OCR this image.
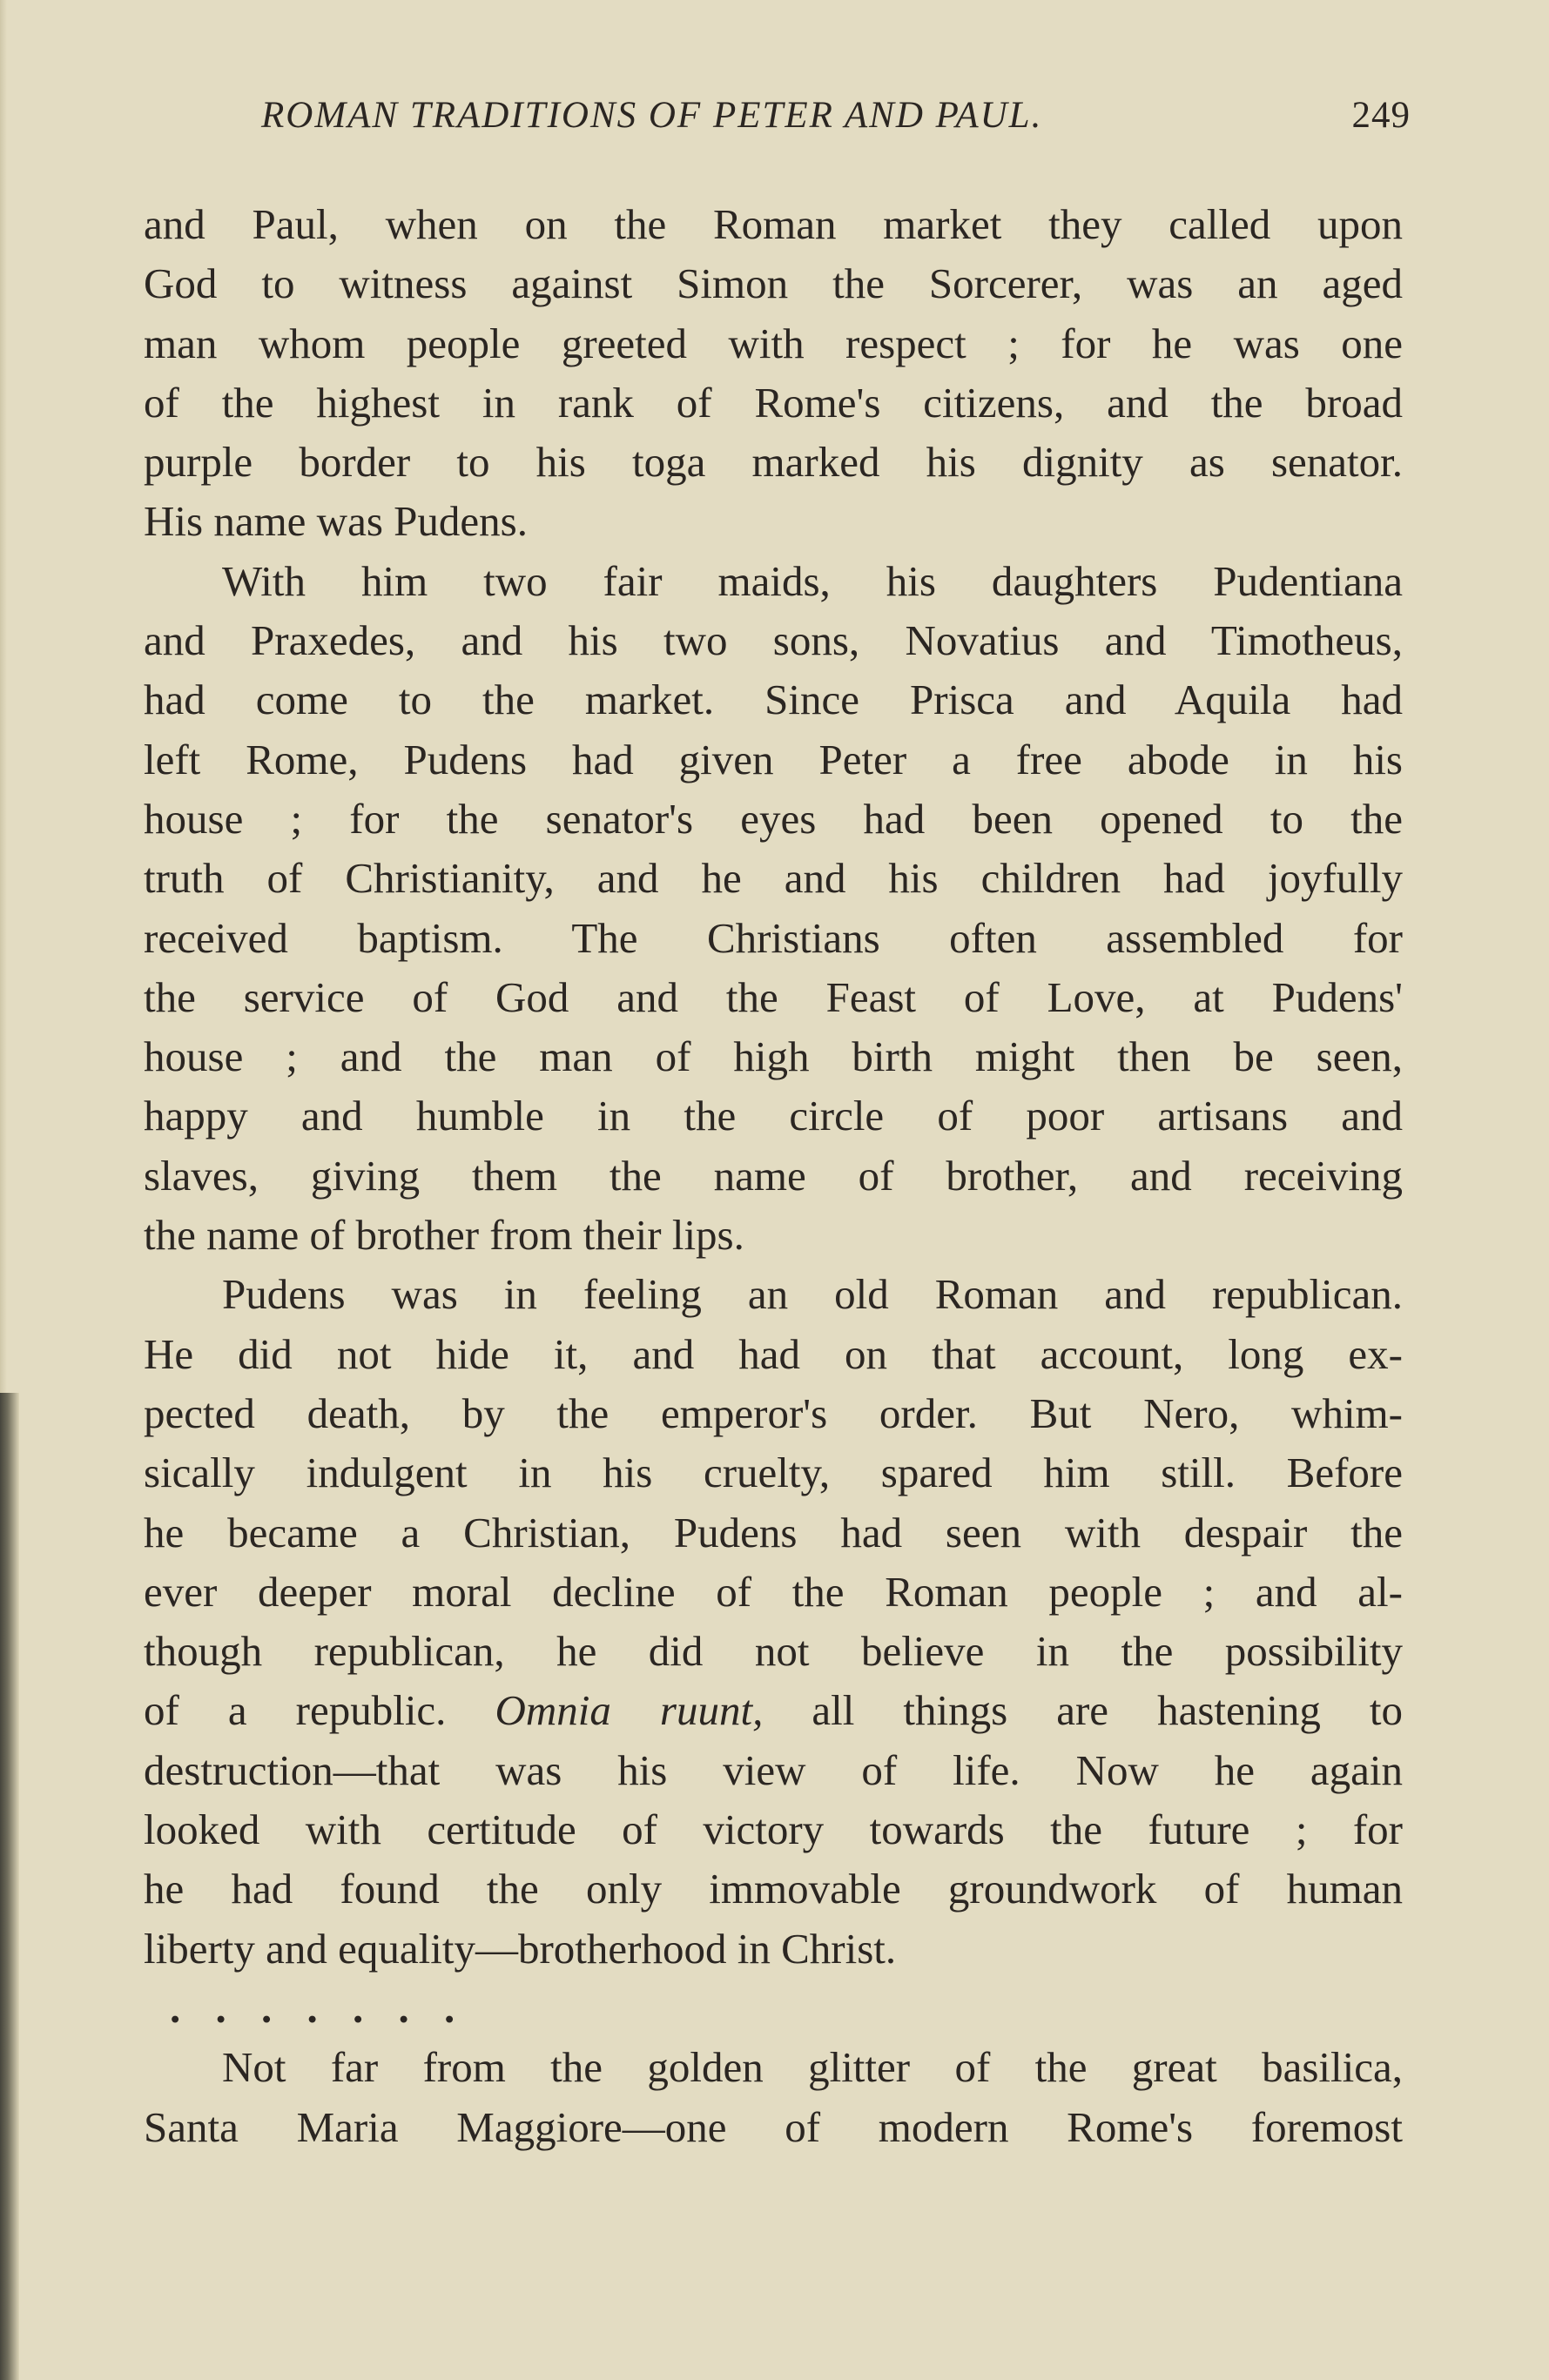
ROMAN TRADITIONS OF PETER AND PAUL.	249
and Paul, when on the Roman market they called upon
God to witness against Simon the Sorcerer, was an aged
man whom people greeted with respect ; for he was one
of the highest in rank of Rome's citizens, and the broad
purple border to his toga marked his dignity as senator.
His name was Pudens.
With him two fair maids, his daughters Pudentiana
and Praxedes, and his two sons, Novatius and Timotheus,
had come to the market. Since Prisca and Aquila had
left Rome, Pudens had given Peter a free abode in his
house ; for the senator's eyes had been opened to the
truth of Christianity, and he and his children had joyfully
received baptism. The Christians often assembled for
the service of God and the Feast of Love, at Pudens'
house ; and the man of high birth might then be seen,
happy and humble in the circle of poor artisans and
slaves, giving them the name of brother, and receiving
the name of brother from their lips.
Pudens was in feeling an old Roman and republican.
He did not hide it, and had on that account, long ex-
pected death, by the emperor's order. But Nero, whim-
sically indulgent in his cruelty, spared him still. Before
he became a Christian, Pudens had seen with despair the
ever deeper moral decline of the Roman people ; and al-
though republican, he did not believe in the possibility
of a republic. Omnia ruunt, all things are hastening to
destruction—that was his view of life. Now he again
looked with certitude of victory towards the future ; for
he had found the only immovable groundwork of human
liberty and equality—brotherhood in Christ.
. . . . . . .
Not far from the golden glitter of the great basilica,
Santa Maria Maggiore—one of modern Rome's foremost
